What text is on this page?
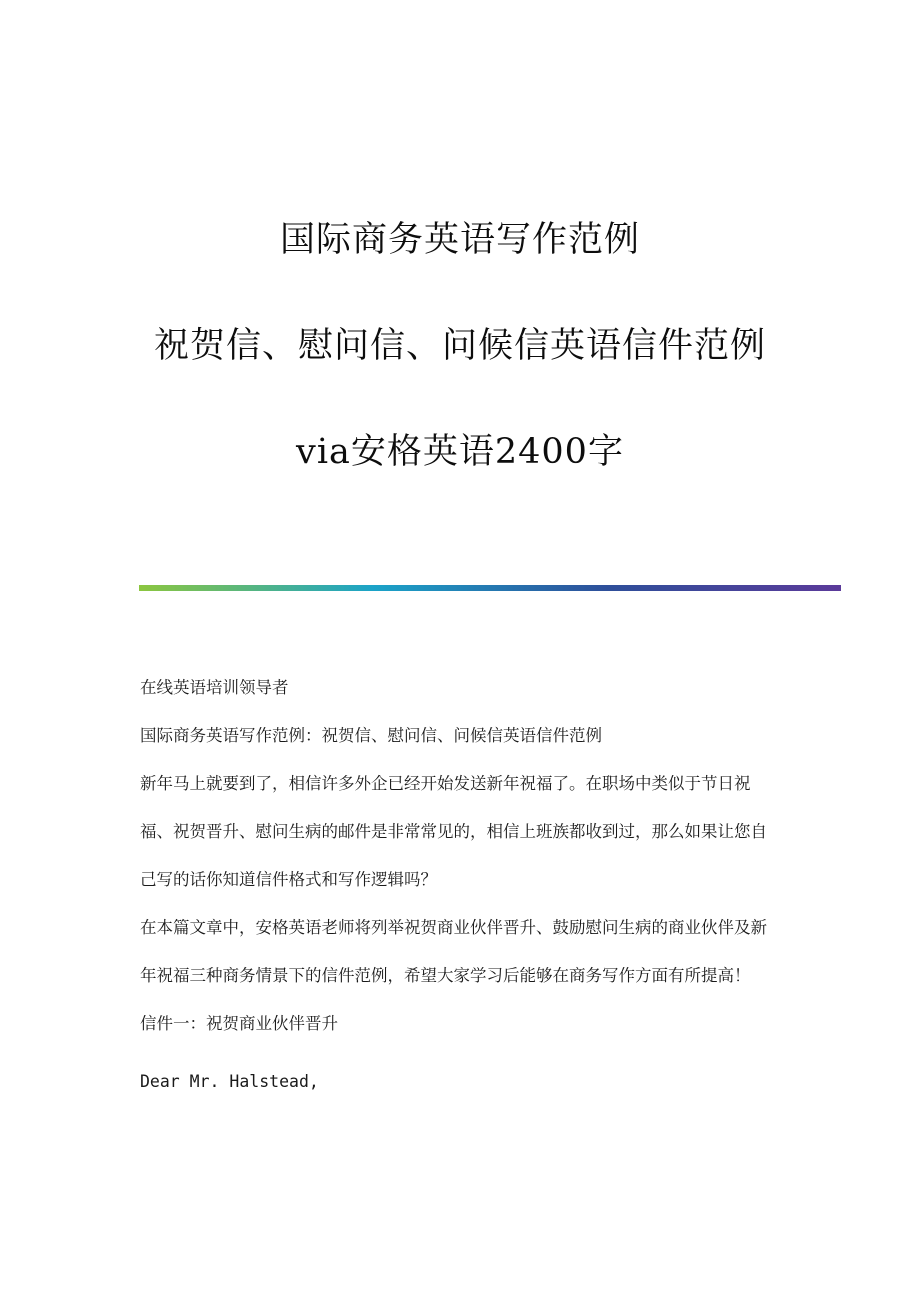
国际商务英语写作范例
祝贺信、慰问信、问候信英语信件范例
via安格英语2400字

在线英语培训领导者

国际商务英语写作范例：祝贺信、慰问信、问候信英语信件范例

新年马上就要到了，相信许多外企已经开始发送新年祝福了。在职场中类似于节日祝福、祝贺晋升、慰问生病的邮件是非常常见的，相信上班族都收到过，那么如果让您自己写的话你知道信件格式和写作逻辑吗？

在本篇文章中，安格英语老师将列举祝贺商业伙伴晋升、鼓励慰问生病的商业伙伴及新年祝福三种商务情景下的信件范例，希望大家学习后能够在商务写作方面有所提高！

信件一：祝贺商业伙伴晋升

Dear Mr. Halstead,
